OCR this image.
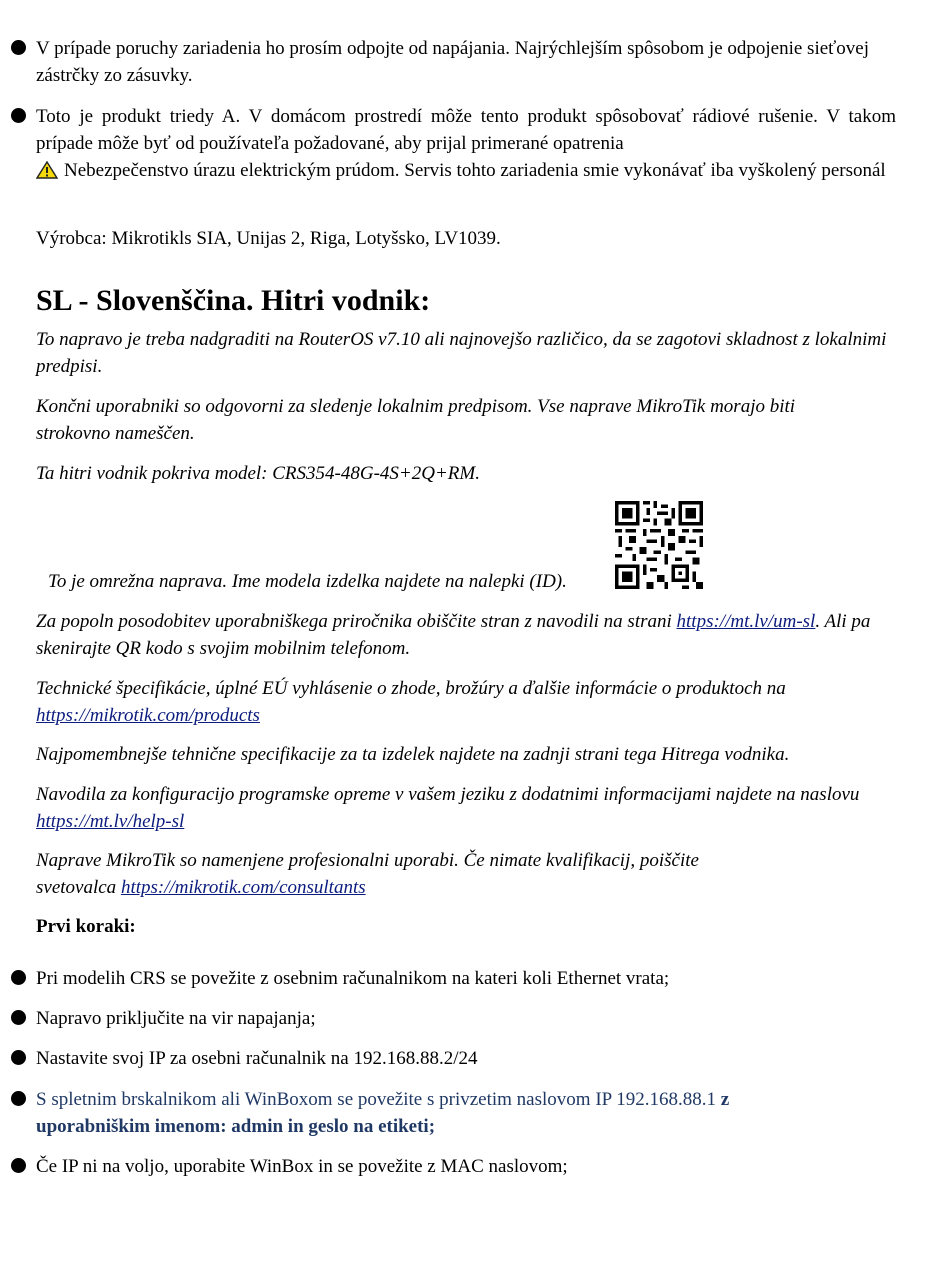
V prípade poruchy zariadenia ho prosím odpojte od napájania. Najrýchlejším spôsobom je odpojenie sieťovej zástrčky zo zásuvky.

Toto je produkt triedy A. V domácom prostredí môže tento produkt spôsobovať rádiové rušenie. V takom prípade môže byť od používateľa požadované, aby prijal primerané opatrenia
Nebezpečenstvo úrazu elektrickým prúdom. Servis tohto zariadenia smie vykonávať iba vyškolený personál

Výrobca: Mikrotikls SIA, Unijas 2, Riga, Lotyšsko, LV1039.

SL - Slovenščina. Hitri vodnik:

To napravo je treba nadgraditi na RouterOS v7.10 ali najnovejšo različico, da se zagotovi skladnost z lokalnimi predpisi.

Končni uporabniki so odgovorni za sledenje lokalnim predpisom. Vse naprave MikroTik morajo biti strokovno nameščen.

Ta hitri vodnik pokriva model: CRS354-48G-4S+2Q+RM.

To je omrežna naprava. Ime modela izdelka najdete na nalepki (ID).

Za popoln posodobitev uporabniškega priročnika obiščite stran z navodili na strani https://mt.lv/um-sl. Ali pa skenirajte QR kodo s svojim mobilnim telefonom.

Technické špecifikácie, úplné EÚ vyhlásenie o zhode, brožúry a ďalšie informácie o produktoch na https://mikrotik.com/products

Najpomembnejše tehnične specifikacije za ta izdelek najdete na zadnji strani tega Hitrega vodnika.

Navodila za konfiguracijo programske opreme v vašem jeziku z dodatnimi informacijami najdete na naslovu https://mt.lv/help-sl

Naprave MikroTik so namenjene profesionalni uporabi. Če nimate kvalifikacij, poiščite svetovalca https://mikrotik.com/consultants

Prvi koraki:

Pri modelih CRS se povežite z osebnim računalnikom na kateri koli Ethernet vrata;

Napravo priključite na vir napajanja;

Nastavite svoj IP za osebni računalnik na 192.168.88.2/24

S spletnim brskalnikom ali WinBoxom se povežite s privzetim naslovom IP 192.168.88.1 z uporabniškim imenom: admin in geslo na etiketi;

Če IP ni na voljo, uporabite WinBox in se povežite z MAC naslovom;
